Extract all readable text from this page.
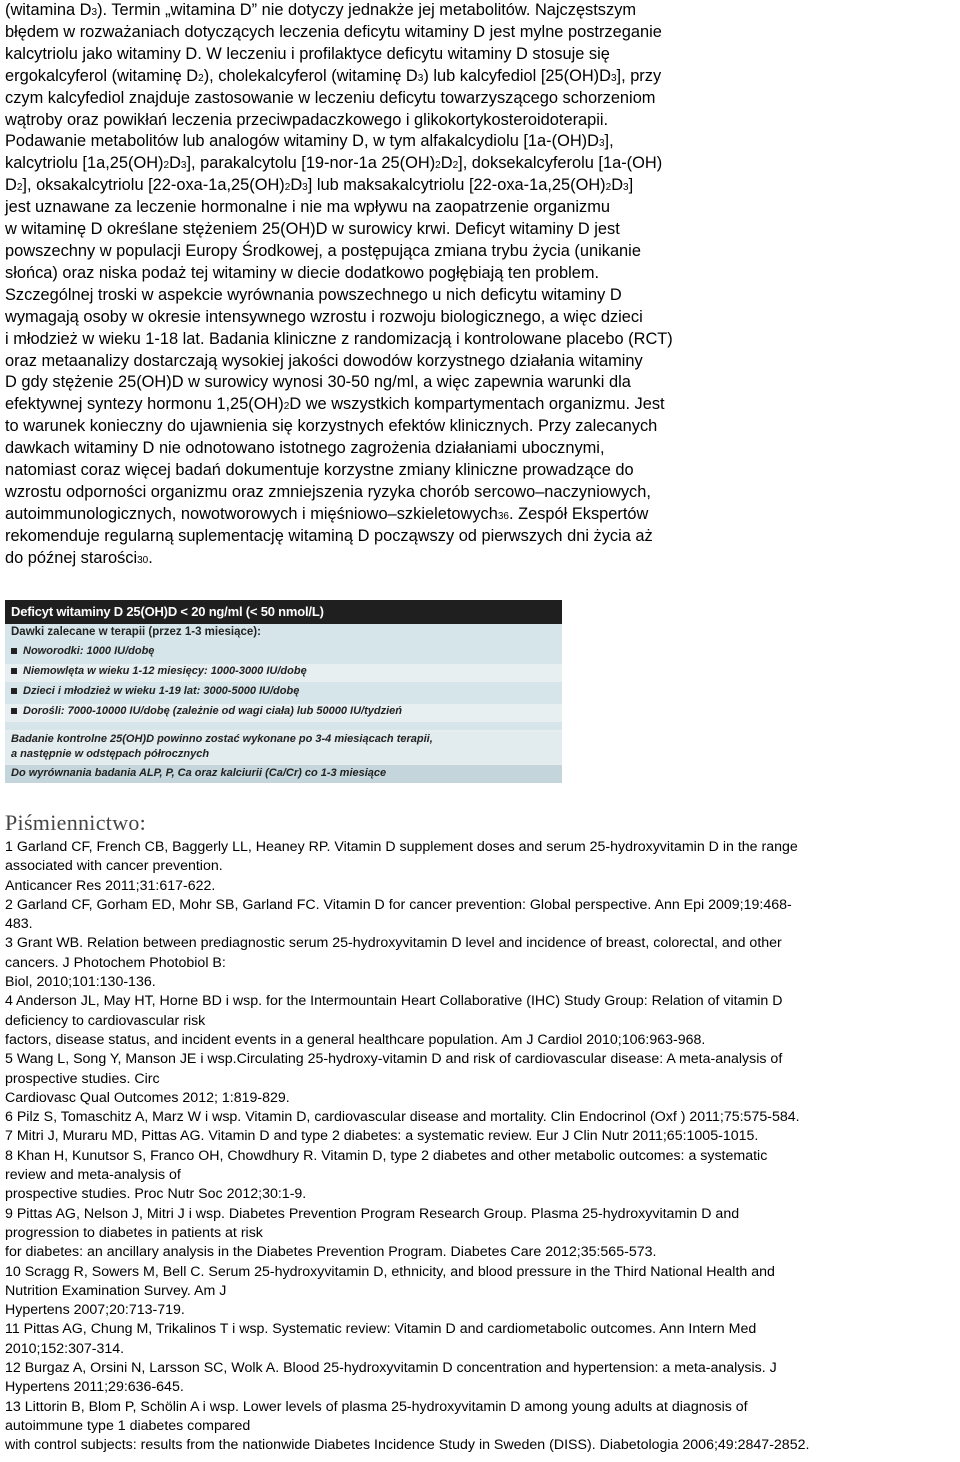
(witamina D3). Termin „witamina D” nie dotyczy jednakże jej metabolitów. Najczęstszym

błędem w rozważaniach dotyczących leczenia deficytu witaminy D jest mylne postrzeganie

kalcytriolu jako witaminy D. W leczeniu i profilaktyce deficytu witaminy D stosuje się

ergokalcyferol (witaminę D2), cholekalcyferol (witaminę D3) lub kalcyfediol [25(OH)D3], przy

czym kalcyfediol znajduje zastosowanie w leczeniu deficytu towarzyszącego schorzeniom

wątroby oraz powikłań leczenia przeciwpadaczkowego i glikokortykosteroidoterapii.

Podawanie metabolitów lub analogów witaminy D, w tym alfakalcydiolu [1a-(OH)D3],

kalcytriolu [1a,25(OH)2D3], parakalcytolu [19-nor-1a 25(OH)2D2], doksekalcyferolu [1a-(OH)

D2], oksakalcytriolu [22-oxa-1a,25(OH)2D3] lub maksakalcytriolu [22-oxa-1a,25(OH)2D3]

jest uznawane za leczenie hormonalne i nie ma wpływu na zaopatrzenie organizmu

w witaminę D określane stężeniem 25(OH)D w surowicy krwi. Deficyt witaminy D jest

powszechny w populacji Europy Środkowej, a postępująca zmiana trybu życia (unikanie

słońca) oraz niska podaż tej witaminy w diecie dodatkowo pogłębiają ten problem.

Szczególnej troski w aspekcie wyrównania powszechnego u nich deficytu witaminy D

wymagają osoby w okresie intensywnego wzrostu i rozwoju biologicznego, a więc dzieci

i młodzież w wieku 1-18 lat. Badania kliniczne z randomizacją i kontrolowane placebo (RCT)

oraz metaanalizy dostarczają wysokiej jakości dowodów korzystnego działania witaminy

D gdy stężenie 25(OH)D w surowicy wynosi 30-50 ng/ml, a więc zapewnia warunki dla

efektywnej syntezy hormonu 1,25(OH)2D we wszystkich kompartymentach organizmu. Jest

to warunek konieczny do ujawnienia się korzystnych efektów klinicznych. Przy zalecanych

dawkach witaminy D nie odnotowano istotnego zagrożenia działaniami ubocznymi,

natomiast coraz więcej badań dokumentuje korzystne zmiany kliniczne prowadzące do

wzrostu odporności organizmu oraz zmniejszenia ryzyka chorób sercowo–naczyniowych,

autoimmunologicznych, nowotworowych i mięśniowo–szkieletowych36. Zespół Ekspertów

rekomenduje regularną suplementację witaminą D począwszy od pierwszych dni życia aż

do późnej starości30.

Deficyt witaminy D 25(OH)D < 20 ng/ml (< 50 nmol/L)
Dawki zalecane w terapii (przez 1-3 miesiące):
Noworodki: 1000 IU/dobę
Niemowlęta w wieku 1-12 miesięcy: 1000-3000 IU/dobę
Dzieci i młodzież w wieku 1-19 lat: 3000-5000 IU/dobę
Dorośli: 7000-10000 IU/dobę (zależnie od wagi ciała) lub 50000 IU/tydzień
Badanie kontrolne 25(OH)D powinno zostać wykonane po 3-4 miesiącach terapii,
a następnie w odstępach półrocznych
Do wyrównania badania ALP, P, Ca oraz kalciurii (Ca/Cr) co 1-3 miesiące
Piśmiennictwo:

1 Garland CF, French CB, Baggerly LL, Heaney RP. Vitamin D supplement doses and serum 25-hydroxyvitamin D in the range

associated with cancer prevention.

Anticancer Res 2011;31:617-622.

2 Garland CF, Gorham ED, Mohr SB, Garland FC. Vitamin D for cancer prevention: Global perspective. Ann Epi 2009;19:468-

483.

3 Grant WB. Relation between prediagnostic serum 25-hydroxyvitamin D level and incidence of breast, colorectal, and other

cancers. J Photochem Photobiol B:

Biol, 2010;101:130-136.

4 Anderson JL, May HT, Horne BD i wsp. for the Intermountain Heart Collaborative (IHC) Study Group: Relation of vitamin D

deficiency to cardiovascular risk

factors, disease status, and incident events in a general healthcare population. Am J Cardiol 2010;106:963-968.

5 Wang L, Song Y, Manson JE i wsp.Circulating 25-hydroxy-vitamin D and risk of cardiovascular disease: A meta-analysis of

prospective studies. Circ

Cardiovasc Qual Outcomes 2012; 1:819-829.

6 Pilz S, Tomaschitz A, Marz W i wsp. Vitamin D, cardiovascular disease and mortality. Clin Endocrinol (Oxf ) 2011;75:575-584.

7 Mitri J, Muraru MD, Pittas AG. Vitamin D and type 2 diabetes: a systematic review. Eur J Clin Nutr 2011;65:1005-1015.

8 Khan H, Kunutsor S, Franco OH, Chowdhury R. Vitamin D, type 2 diabetes and other metabolic outcomes: a systematic

review and meta-analysis of

prospective studies. Proc Nutr Soc 2012;30:1-9.

9 Pittas AG, Nelson J, Mitri J i wsp. Diabetes Prevention Program Research Group. Plasma 25-hydroxyvitamin D and

progression to diabetes in patients at risk

for diabetes: an ancillary analysis in the Diabetes Prevention Program. Diabetes Care 2012;35:565-573.

10 Scragg R, Sowers M, Bell C. Serum 25-hydroxyvitamin D, ethnicity, and blood pressure in the Third National Health and

Nutrition Examination Survey. Am J

Hypertens 2007;20:713-719.

11 Pittas AG, Chung M, Trikalinos T i wsp. Systematic review: Vitamin D and cardiometabolic outcomes. Ann Intern Med

2010;152:307-314.

12 Burgaz A, Orsini N, Larsson SC, Wolk A. Blood 25-hydroxyvitamin D concentration and hypertension: a meta-analysis. J

Hypertens 2011;29:636-645.

13 Littorin B, Blom P, Schölin A i wsp. Lower levels of plasma 25-hydroxyvitamin D among young adults at diagnosis of

autoimmune type 1 diabetes compared

with control subjects: results from the nationwide Diabetes Incidence Study in Sweden (DISS). Diabetologia 2006;49:2847-2852.
